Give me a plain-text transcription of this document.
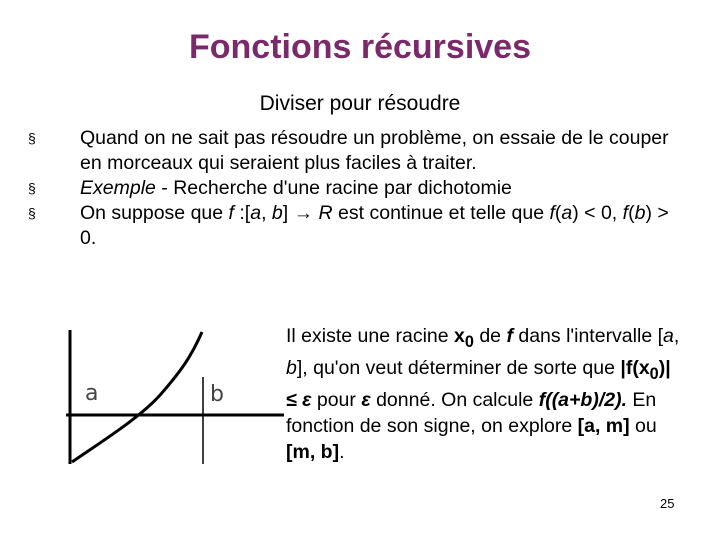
Fonctions récursives
Diviser pour résoudre
§	Quand on ne sait pas résoudre un problème, on essaie de le couper en morceaux qui seraient plus faciles à traiter.
§	Exemple - Recherche d'une racine par dichotomie
§	On suppose que f :[a, b] → R est continue et telle que f(a) < 0, f(b) > 0.
a	b
Il existe une racine $x_0$ de f dans l'intervalle [a, b], qu'on veut déterminer de sorte que $|f(x_0)| \le \varepsilon$ pour ε donné. On calcule f((a+b)/2). En fonction de son signe, on explore [a, m] ou [m, b].
25
